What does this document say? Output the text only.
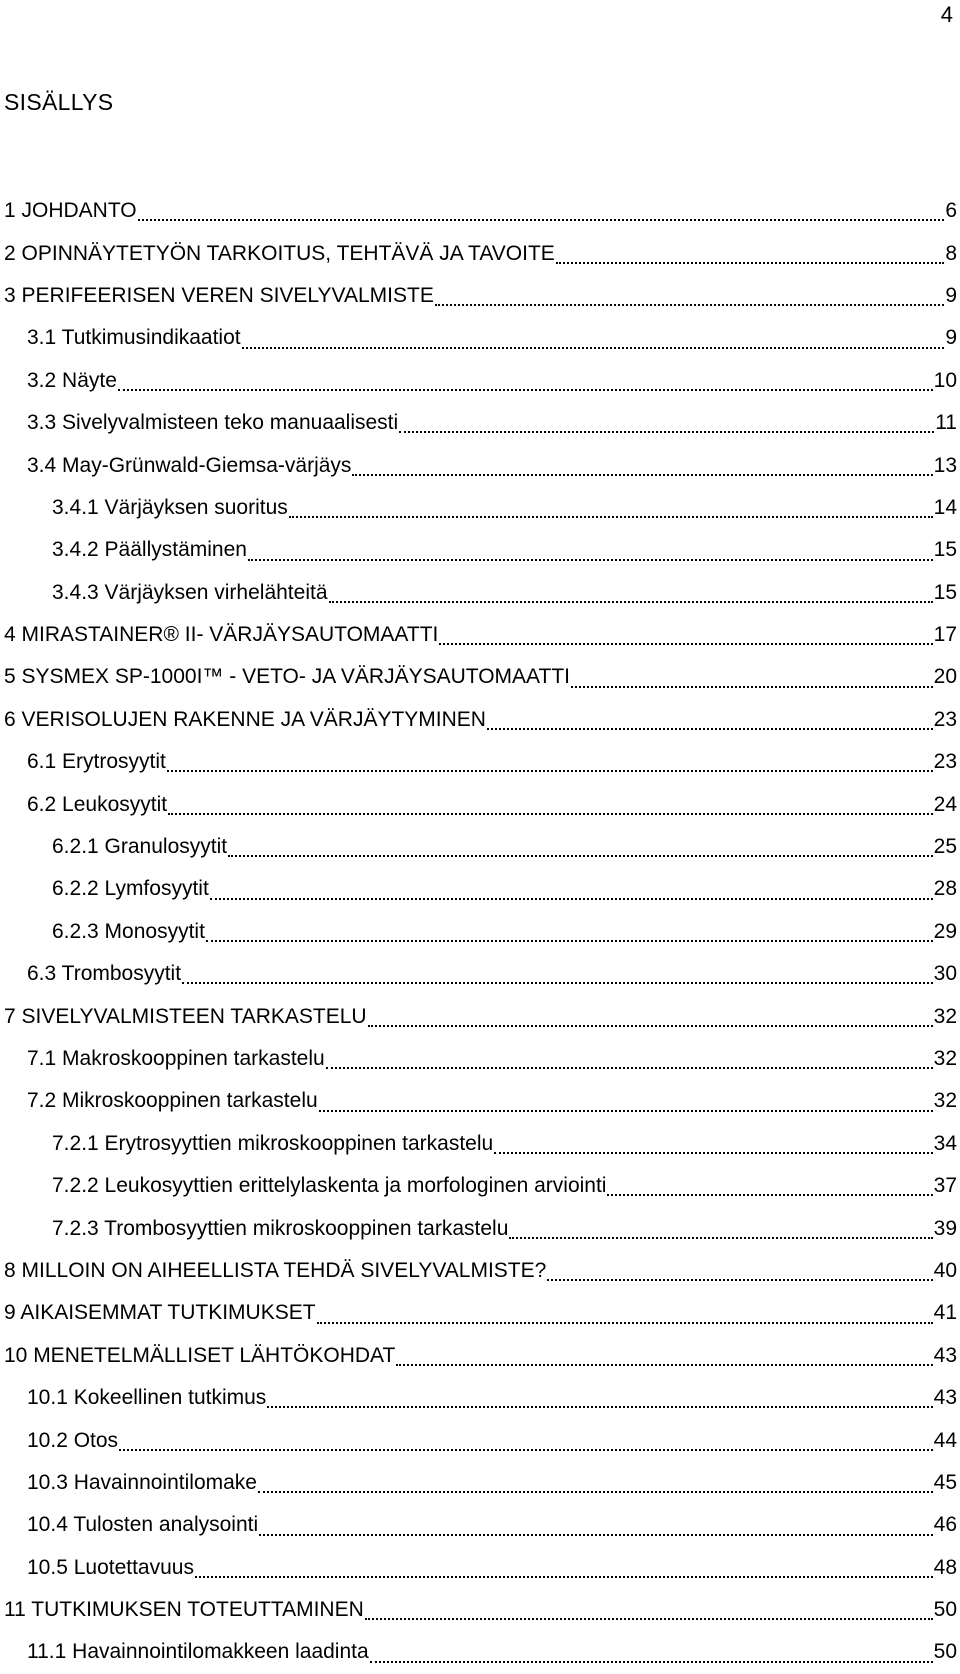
4
SISÄLLYS
1 JOHDANTO	6
2 OPINNÄYTETYÖN TARKOITUS, TEHTÄVÄ JA TAVOITE	8
3 PERIFEERISEN VEREN SIVELYVALMISTE	9
3.1 Tutkimusindikaatiot	9
3.2 Näyte	10
3.3 Sivelyvalmisteen teko manuaalisesti	11
3.4 May-Grünwald-Giemsa-värjäys	13
3.4.1 Värjäyksen suoritus	14
3.4.2 Päällystäminen	15
3.4.3 Värjäyksen virhelähteitä	15
4 MIRASTAINER® II- VÄRJÄYSAUTOMAATTI	17
5 SYSMEX SP-1000I™ - VETO- JA VÄRJÄYSAUTOMAATTI	20
6 VERISOLUJEN RAKENNE JA VÄRJÄYTYMINEN	23
6.1 Erytrosyytit	23
6.2 Leukosyytit	24
6.2.1 Granulosyytit	25
6.2.2 Lymfosyytit	28
6.2.3 Monosyytit	29
6.3 Trombosyytit	30
7 SIVELYVALMISTEEN TARKASTELU	32
7.1 Makroskooppinen tarkastelu	32
7.2 Mikroskooppinen tarkastelu	32
7.2.1 Erytrosyyttien mikroskooppinen tarkastelu	34
7.2.2 Leukosyyttien erittelylaskenta ja morfologinen arviointi	37
7.2.3 Trombosyyttien mikroskooppinen tarkastelu	39
8 MILLOIN ON AIHEELLISTA TEHDÄ SIVELYVALMISTE?	40
9 AIKAISEMMAT TUTKIMUKSET	41
10 MENETELMÄLLISET LÄHTÖKOHDAT	43
10.1 Kokeellinen tutkimus	43
10.2 Otos	44
10.3 Havainnointilomake	45
10.4 Tulosten analysointi	46
10.5 Luotettavuus	48
11 TUTKIMUKSEN TOTEUTTAMINEN	50
11.1 Havainnointilomakkeen laadinta	50
